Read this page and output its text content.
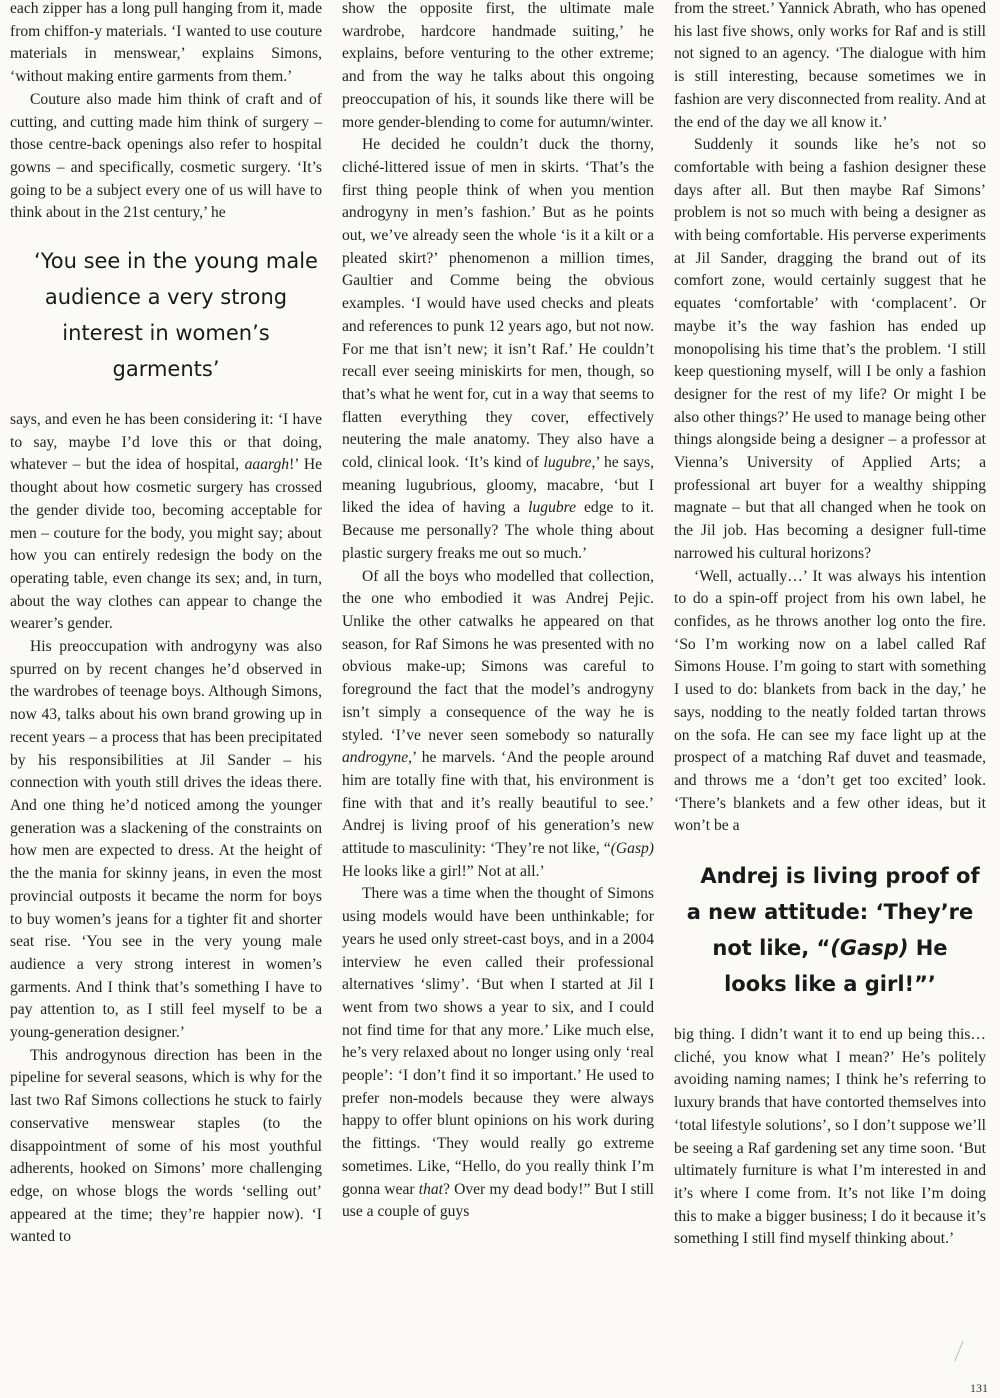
each zipper has a long pull hanging from it, made from chiffon-y materials. ‘I wanted to use couture materials in menswear,’ explains Simons, ‘without making entire garments from them.’

Couture also made him think of craft and of cutting, and cutting made him think of surgery – those centre-back openings also refer to hospital gowns – and specifically, cosmetic surgery. ‘It’s going to be a subject every one of us will have to think about in the 21st century,’ he

‘You see in the young male audience a very strong interest in women’s garments’

says, and even he has been considering it: ‘I have to say, maybe I’d love this or that doing, whatever – but the idea of hospital, aaargh!’ He thought about how cosmetic surgery has crossed the gender divide too, becoming acceptable for men – couture for the body, you might say; about how you can entirely redesign the body on the operating table, even change its sex; and, in turn, about the way clothes can appear to change the wearer’s gender.

His preoccupation with androgyny was also spurred on by recent changes he’d observed in the wardrobes of teenage boys. Although Simons, now 43, talks about his own brand growing up in recent years – a process that has been precipitated by his responsibilities at Jil Sander – his connection with youth still drives the ideas there. And one thing he’d noticed among the younger generation was a slackening of the constraints on how men are expected to dress. At the height of the the mania for skinny jeans, in even the most provincial outposts it became the norm for boys to buy women’s jeans for a tighter fit and shorter seat rise. ‘You see in the very young male audience a very strong interest in women’s garments. And I think that’s something I have to pay attention to, as I still feel myself to be a young-generation designer.’

This androgynous direction has been in the pipeline for several seasons, which is why for the last two Raf Simons collections he stuck to fairly conservative menswear staples (to the disappointment of some of his most youthful adherents, hooked on Simons’ more challenging edge, on whose blogs the words ‘selling out’ appeared at the time; they’re happier now). ‘I wanted to

show the opposite first, the ultimate male wardrobe, hardcore handmade suiting,’ he explains, before venturing to the other extreme; and from the way he talks about this ongoing preoccupation of his, it sounds like there will be more gender-blending to come for autumn/winter.

He decided he couldn’t duck the thorny, cliché-littered issue of men in skirts. ‘That’s the first thing people think of when you mention androgyny in men’s fashion.’ But as he points out, we’ve already seen the whole ‘is it a kilt or a pleated skirt?’ phenomenon a million times, Gaultier and Comme being the obvious examples. ‘I would have used checks and pleats and references to punk 12 years ago, but not now. For me that isn’t new; it isn’t Raf.’ He couldn’t recall ever seeing miniskirts for men, though, so that’s what he went for, cut in a way that seems to flatten everything they cover, effectively neutering the male anatomy. They also have a cold, clinical look. ‘It’s kind of lugubre,’ he says, meaning lugubrious, gloomy, macabre, ‘but I liked the idea of having a lugubre edge to it. Because me personally? The whole thing about plastic surgery freaks me out so much.’

Of all the boys who modelled that collection, the one who embodied it was Andrej Pejic. Unlike the other catwalks he appeared on that season, for Raf Simons he was presented with no obvious make-up; Simons was careful to foreground the fact that the model’s androgyny isn’t simply a consequence of the way he is styled. ‘I’ve never seen somebody so naturally androgyne,’ he marvels. ‘And the people around him are totally fine with that, his environment is fine with that and it’s really beautiful to see.’ Andrej is living proof of his generation’s new attitude to masculinity: ‘They’re not like, “(Gasp) He looks like a girl!” Not at all.’

There was a time when the thought of Simons using models would have been unthinkable; for years he used only street-cast boys, and in a 2004 interview he even called their professional alternatives ‘slimy’. ‘But when I started at Jil I went from two shows a year to six, and I could not find time for that any more.’ Like much else, he’s very relaxed about no longer using only ‘real people’: ‘I don’t find it so important.’ He used to prefer non-models because they were always happy to offer blunt opinions on his work during the fittings. ‘They would really go extreme sometimes. Like, “Hello, do you really think I’m gonna wear that? Over my dead body!” But I still use a couple of guys

from the street.’ Yannick Abrath, who has opened his last five shows, only works for Raf and is still not signed to an agency. ‘The dialogue with him is still interesting, because sometimes we in fashion are very disconnected from reality. And at the end of the day we all know it.’

Suddenly it sounds like he’s not so comfortable with being a fashion designer these days after all. But then maybe Raf Simons’ problem is not so much with being a designer as with being comfortable. His perverse experiments at Jil Sander, dragging the brand out of its comfort zone, would certainly suggest that he equates ‘comfortable’ with ‘complacent’. Or maybe it’s the way fashion has ended up monopolising his time that’s the problem. ‘I still keep questioning myself, will I be only a fashion designer for the rest of my life? Or might I be also other things?’ He used to manage being other things alongside being a designer – a professor at Vienna’s University of Applied Arts; a professional art buyer for a wealthy shipping magnate – but that all changed when he took on the Jil job. Has becoming a designer full-time narrowed his cultural horizons?

‘Well, actually…’ It was always his intention to do a spin-off project from his own label, he confides, as he throws another log onto the fire. ‘So I’m working now on a label called Raf Simons House. I’m going to start with something I used to do: blankets from back in the day,’ he says, nodding to the neatly folded tartan throws on the sofa. He can see my face light up at the prospect of a matching Raf duvet and teasmade, and throws me a ‘don’t get too excited’ look. ‘There’s blankets and a few other ideas, but it won’t be a

Andrej is living proof of a new attitude: ‘They’re not like, “(Gasp) He looks like a girl!”’

big thing. I didn’t want it to end up being this… cliché, you know what I mean?’ He’s politely avoiding naming names; I think he’s referring to luxury brands that have contorted themselves into ‘total lifestyle solutions’, so I don’t suppose we’ll be seeing a Raf gardening set any time soon. ‘But ultimately furniture is what I’m interested in and it’s where I come from. It’s not like I’m doing this to make a bigger business; I do it because it’s something I still find myself thinking about.’

131
